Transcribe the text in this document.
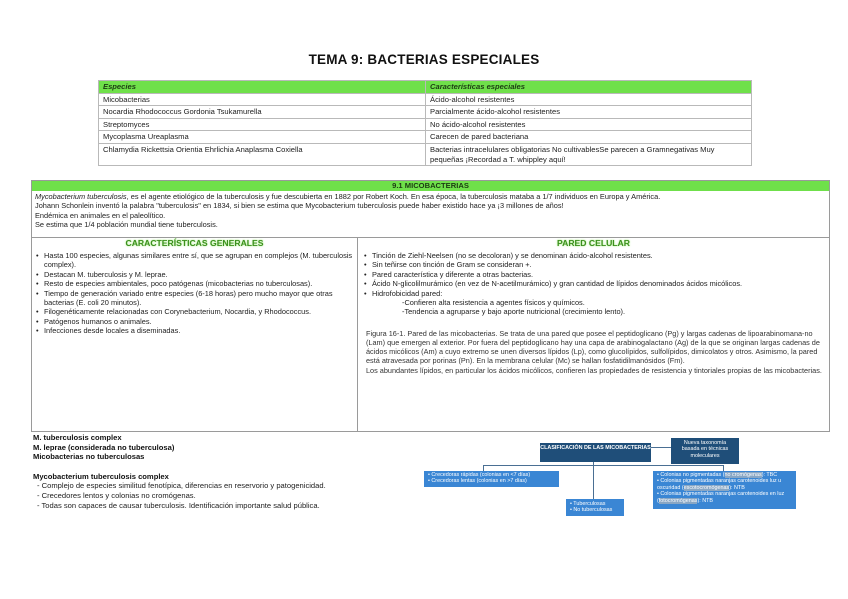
TEMA 9: BACTERIAS ESPECIALES
Especies	Características especiales
Micobacterias	Ácido-alcohol resistentes
Nocardia Rhodococcus Gordonia Tsukamurella	Parcialmente ácido-alcohol resistentes
Streptomyces	No ácido-alcohol resistentes
Mycoplasma Ureaplasma	Carecen de pared bacteriana
Chlamydia Rickettsia Orientia Ehrlichia Anaplasma Coxiella	Bacterias intracelulares obligatorias No cultivablesSe parecen a Gramnegativas Muy pequeñas ¡Recordad a T. whippley aquí!
9.1 MICOBACTERIAS
Mycobacterium tuberculosis, es el agente etiológico de la tuberculosis y fue descubierta en 1882 por Robert Koch. En esa época, la tuberculosis mataba a 1/7 individuos en Europa y América.
Johann Schonlein inventó la palabra "tuberculosis" en 1834, si bien se estima que Mycobacterium tuberculosis puede haber existido hace ya ¡3 millones de años!
Endémica en animales en el paleolítico.
Se estima que 1/4 población mundial tiene tuberculosis.
CARACTERÍSTICAS GENERALES
• Hasta 100 especies, algunas similares entre sí, que se agrupan en complejos (M. tuberculosis complex).
• Destacan M. tuberculosis y M. leprae.
• Resto de especies ambientales, poco patógenas (micobacterias no tuberculosas).
• Tiempo de generación variado entre especies (6-18 horas) pero mucho mayor que otras bacterias (E. coli 20 minutos).
• Filogenéticamente relacionadas con Corynebacterium, Nocardia, y Rhodococcus.
• Patógenos humanos o animales.
• Infecciones desde locales a diseminadas.
PARED CELULAR
• Tinción de Ziehl-Neelsen (no se decoloran) y se denominan ácido-alcohol resistentes.
• Sin teñirse con tinción de Gram se consideran +.
• Pared característica y diferente a otras bacterias.
• Ácido N-glicolilmurámico (en vez de N-acetilmurámico) y gran cantidad de lípidos denominados ácidos micólicos.
• Hidrofobicidad pared:
-Confieren alta resistencia a agentes físicos y químicos.
-Tendencia a agruparse y bajo aporte nutricional (crecimiento lento).
Figura 16-1. Pared de las micobacterias. Se trata de una pared que posee el peptidoglicano (Pg) y largas cadenas de lipoarabinomana-no (Lam) que emergen al exterior. Por fuera del peptidoglicano hay una capa de arabinogalactano (Ag) de la que se originan largas cadenas de ácidos micólicos (Am) a cuyo extremo se unen diversos lípidos (Lp), como glucolípidos, sulfolípidos, dimicolatos y otros. Asimismo, la pared está atravesada por porinas (Pn). En la membrana celular (Mc) se hallan fosfatidilmanósidos (Fm).
Los abundantes lípidos, en particular los ácidos micólicos, confieren las propiedades de resistencia y tintoriales propias de las micobacterias.
M. tuberculosis complex
M. leprae (considerada no tuberculosa)
Micobacterias no tuberculosas
Mycobacterium tuberculosis complex
- Complejo de especies similitud fenotípica, diferencias en reservorio y patogenicidad.
- Crecedores lentos y colonias no cromógenas.
- Todas son capaces de causar tuberculosis. Identificación importante salud pública.
CLASIFICACIÓN DE LAS MICOBACTERIAS
Nueva taxonomía basada en técnicas moleculares
• Crecedoras rápidas (colonias en <7 días)
• Crecedoras lentas (colonias en >7 días)
• Tuberculosas
• No tuberculosas
• Colonias no pigmentadas (no cromógenas): TBC
• Colonias pigmentadas naranjas carotenoides luz u oscuridad (escotocromógenas): NTB
• Colonias pigmentadas naranjas carotenoides en luz (fotocromógenas): NTB
